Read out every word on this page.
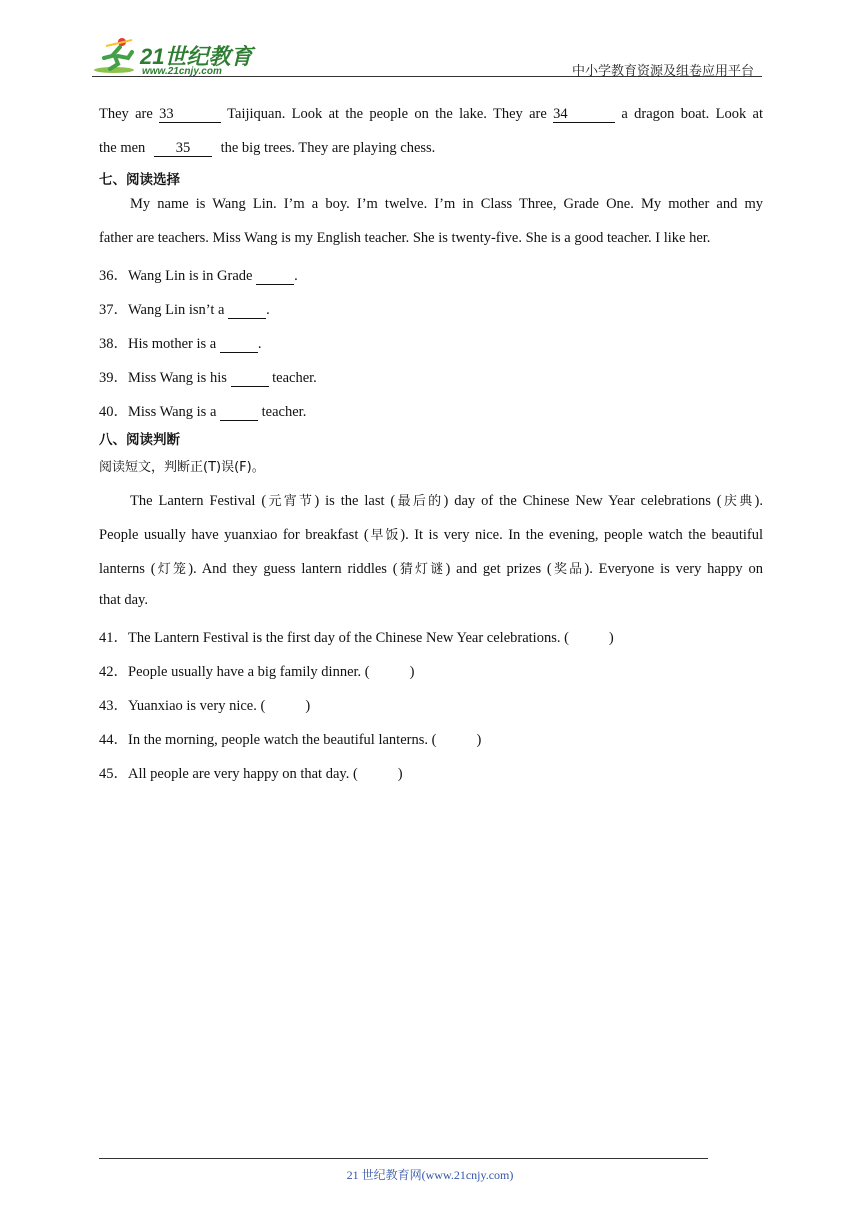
21世纪教育
www.21cnjy.com	中小学教育资源及组卷应用平台
They are 33	Taijiquan. Look at the people on the lake. They are 34	a dragon boat. Look at
the men 35 the big trees. They are playing chess.
七、阅读选择
My name is Wang Lin. I’m a boy. I’m twelve. I’m in Class Three, Grade One. My mother and my
father are teachers. Miss Wang is my English teacher. She is twenty-five. She is a good teacher. I like her.
36．Wang Lin is in Grade	.
37．Wang Lin isn’t a	.
38．His mother is a	.
39．Miss Wang is his	teacher.
40．Miss Wang is a	teacher.
八、阅读判断
阅读短文，判断正(T)误(F)。
The Lantern Festival (元宵节) is the last (最后的) day of the Chinese New Year celebrations (庆典).
People usually have yuanxiao for breakfast (早饭). It is very nice. In the evening, people watch the beautiful
lanterns (灯笼). And they guess lantern riddles (猜灯谜) and get prizes (奖品). Everyone is very happy on
that day.
41．The Lantern Festival is the first day of the Chinese New Year celebrations. (	)
42．People usually have a big family dinner. (	)
43．Yuanxiao is very nice. (	)
44．In the morning, people watch the beautiful lanterns. (	)
45．All people are very happy on that day. (	)
21 世纪教育网(www.21cnjy.com)
